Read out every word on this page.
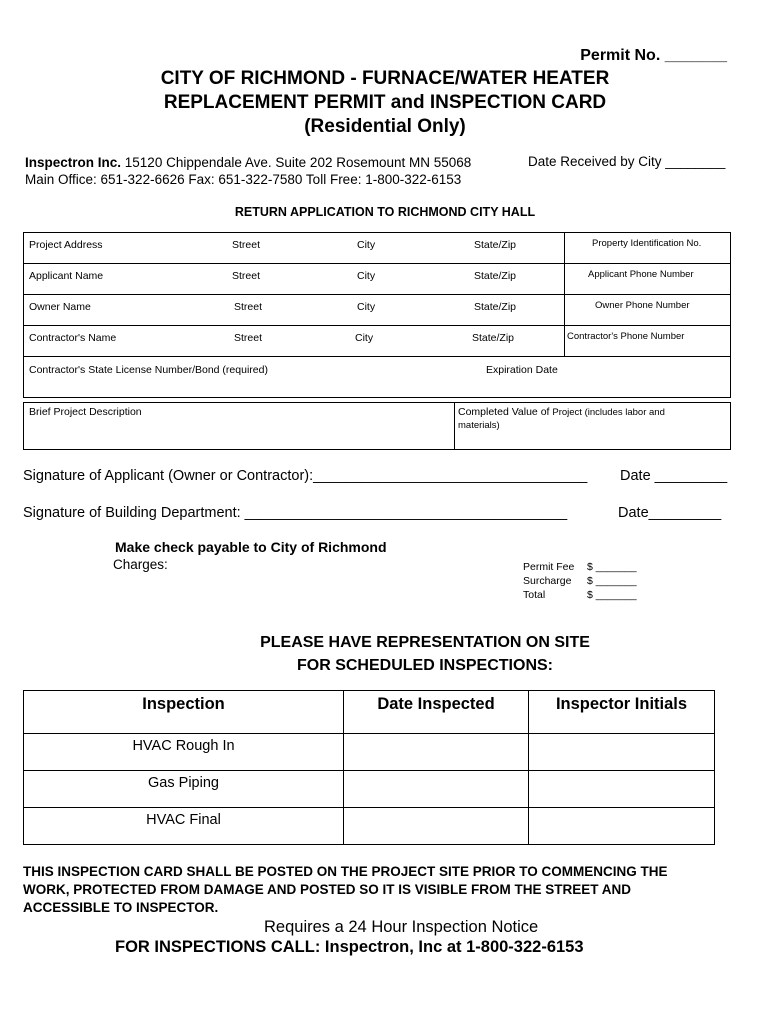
Permit No. _______
CITY OF RICHMOND - FURNACE/WATER HEATER
REPLACEMENT PERMIT and INSPECTION CARD
(Residential Only)
Inspectron Inc. 15120 Chippendale Ave. Suite 202 Rosemount MN 55068
Main Office: 651-322-6626 Fax: 651-322-7580 Toll Free: 1-800-322-6153
Date Received by City ________
RETURN APPLICATION TO RICHMOND CITY HALL
Project Address Street City State/Zip	Property Identification No.

Applicant Name Street City State/Zip	Applicant Phone Number

Owner Name Street City State/Zip	Owner Phone Number

Contractor's Name Street City State/Zip	Contractor's Phone Number

Contractor's State License Number/Bond (required) Expiration Date	
Brief Project Description	Completed Value of Project (includes labor and
materials)
Signature of Applicant (Owner or Contractor):__________________________________ Date _________
Signature of Building Department: ________________________________________	Date_________
Make check payable to City of Richmond
Charges:	Permit Fee	$ _______
Surcharge	$ _______
Total	$ _______
PLEASE HAVE REPRESENTATION ON SITE
FOR SCHEDULED INSPECTIONS:
Inspection	Date Inspected	Inspector Initials
HVAC Rough In		
Gas Piping		
HVAC Final		
THIS INSPECTION CARD SHALL BE POSTED ON THE PROJECT SITE PRIOR TO COMMENCING THE
WORK, PROTECTED FROM DAMAGE AND POSTED SO IT IS VISIBLE FROM THE STREET AND
ACCESSIBLE TO INSPECTOR.
Requires a 24 Hour Inspection Notice
FOR INSPECTIONS CALL: Inspectron, Inc at 1-800-322-6153
